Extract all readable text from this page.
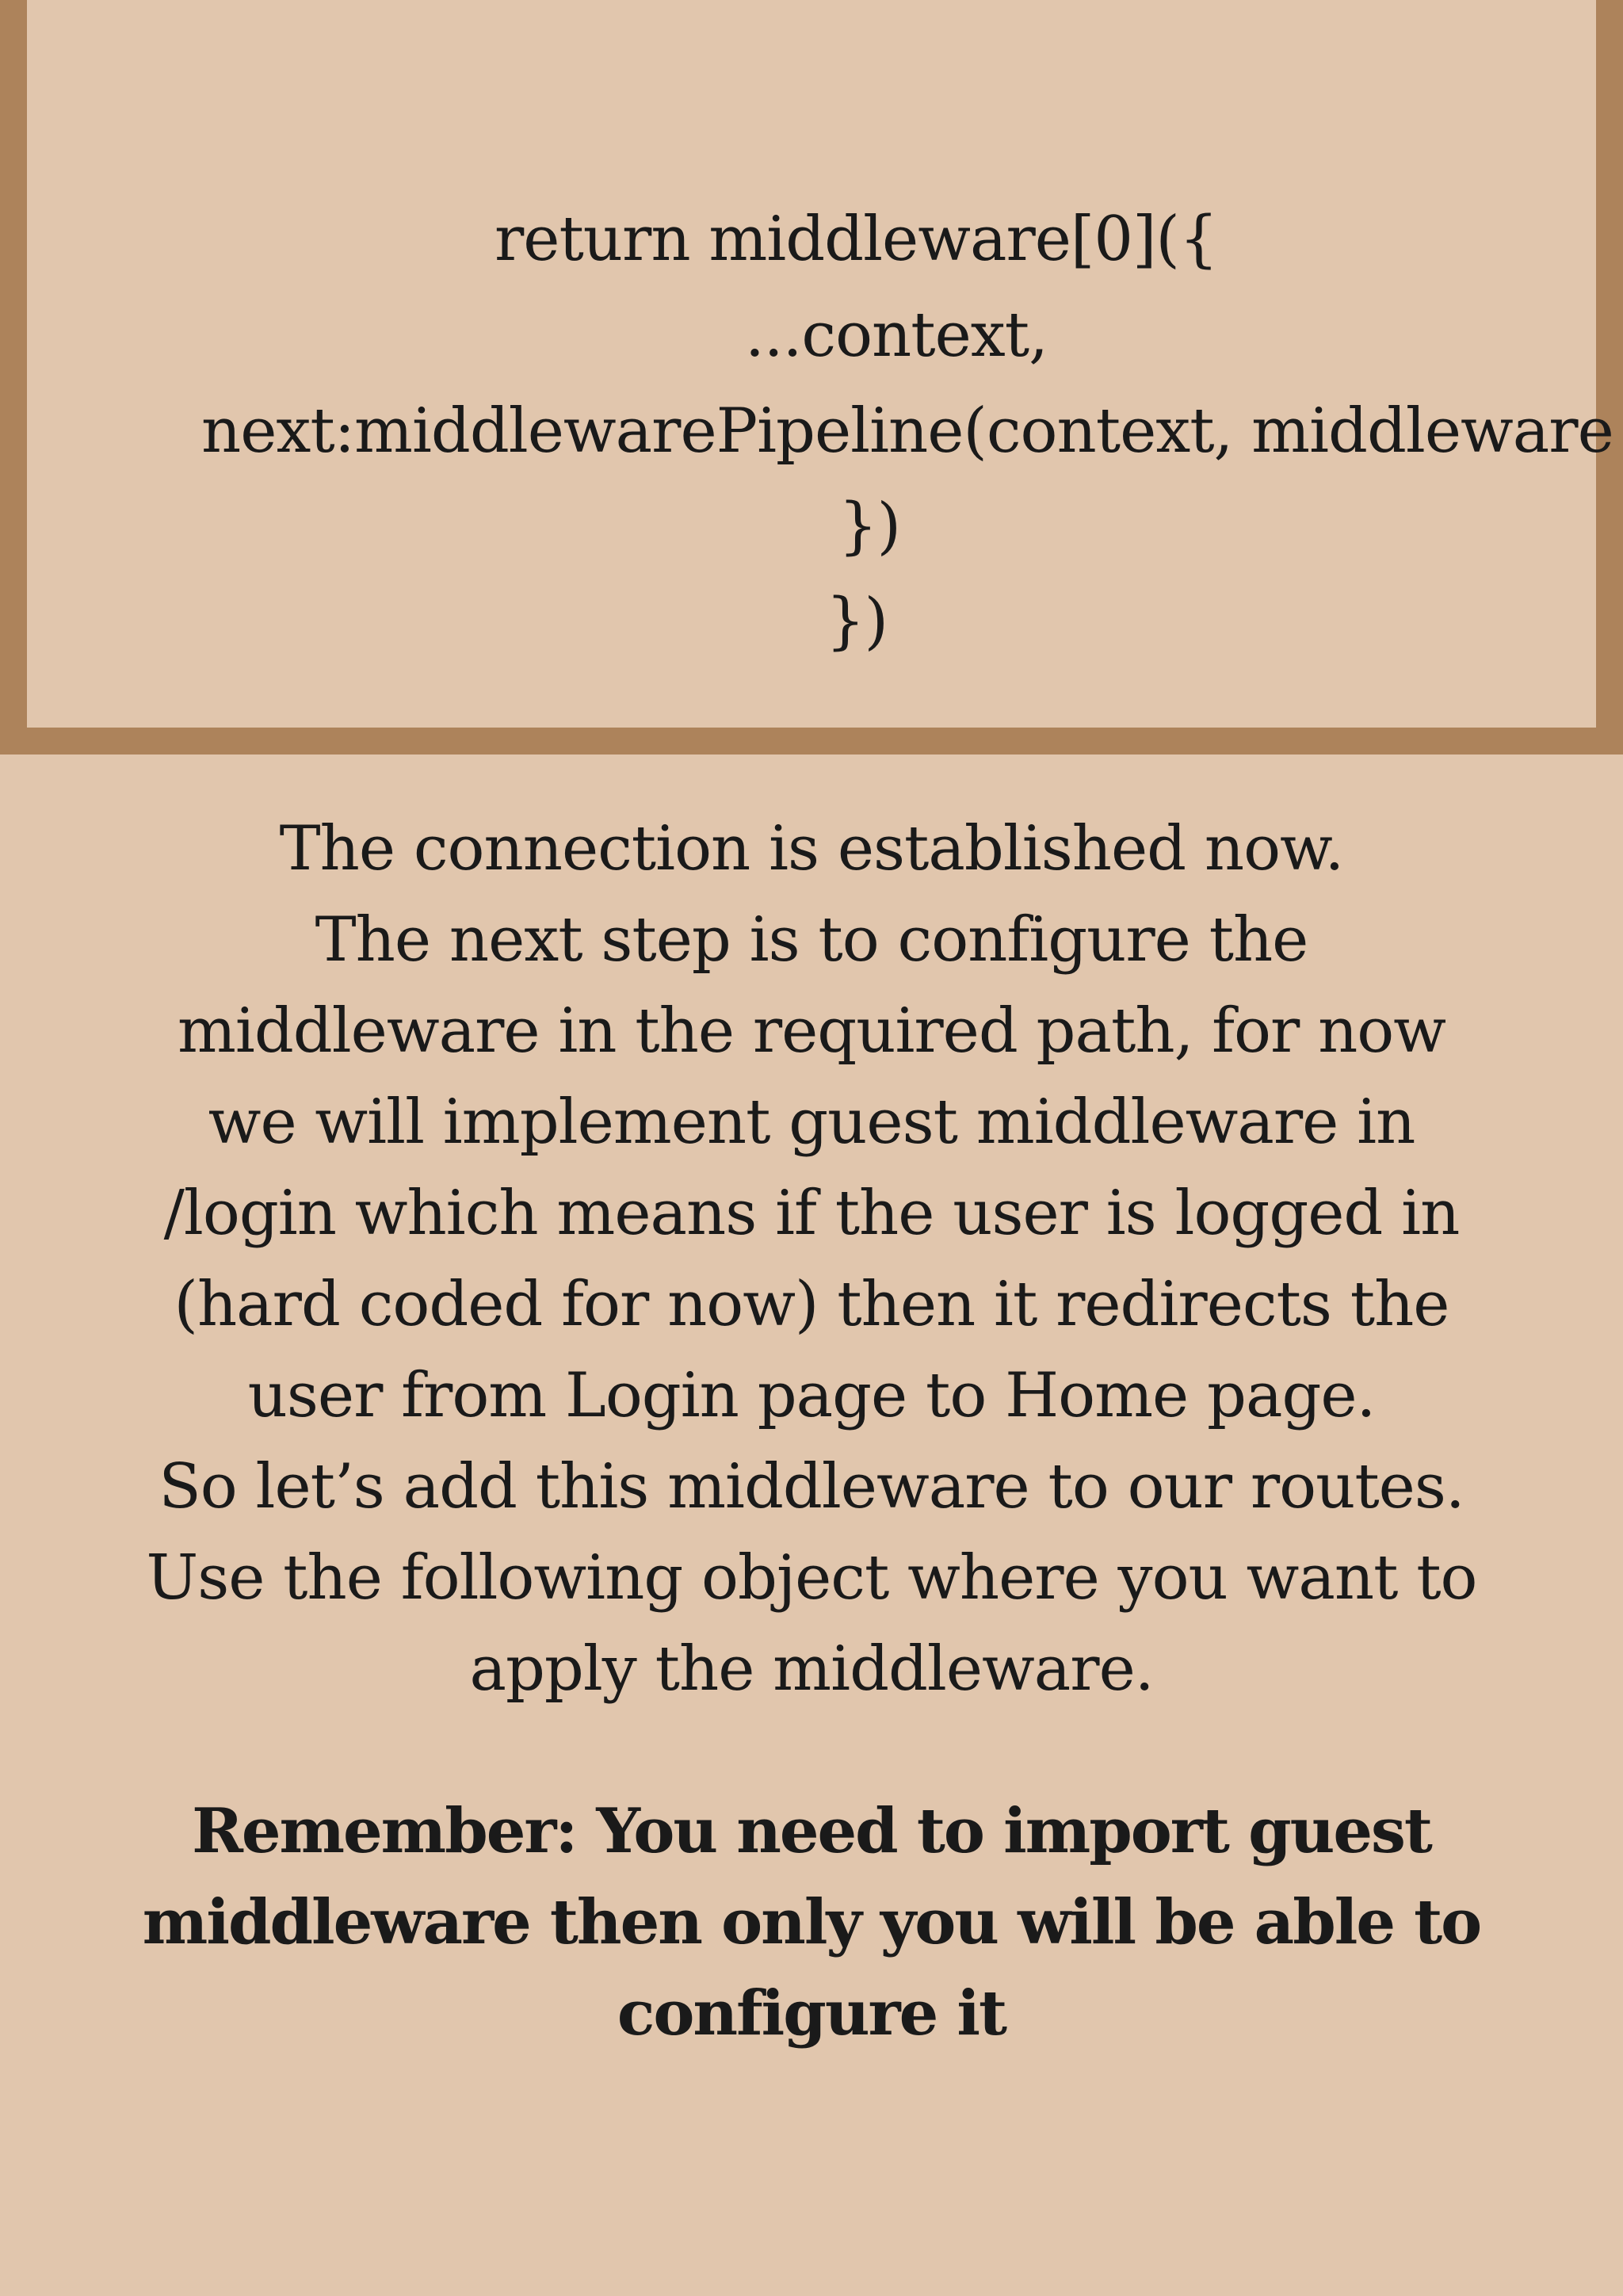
return middleware[0]({
...context,
next:middlewarePipeline(context, middleware
})
})
The connection is established now.
The next step is to configure the
middleware in the required path, for now
we will implement guest middleware in
/login which means if the user is logged in
(hard coded for now) then it redirects the
user from Login page to Home page.
So let’s add this middleware to our routes.
Use the following object where you want to
apply the middleware.
Remember: You need to import guest
middleware then only you will be able to
configure it
